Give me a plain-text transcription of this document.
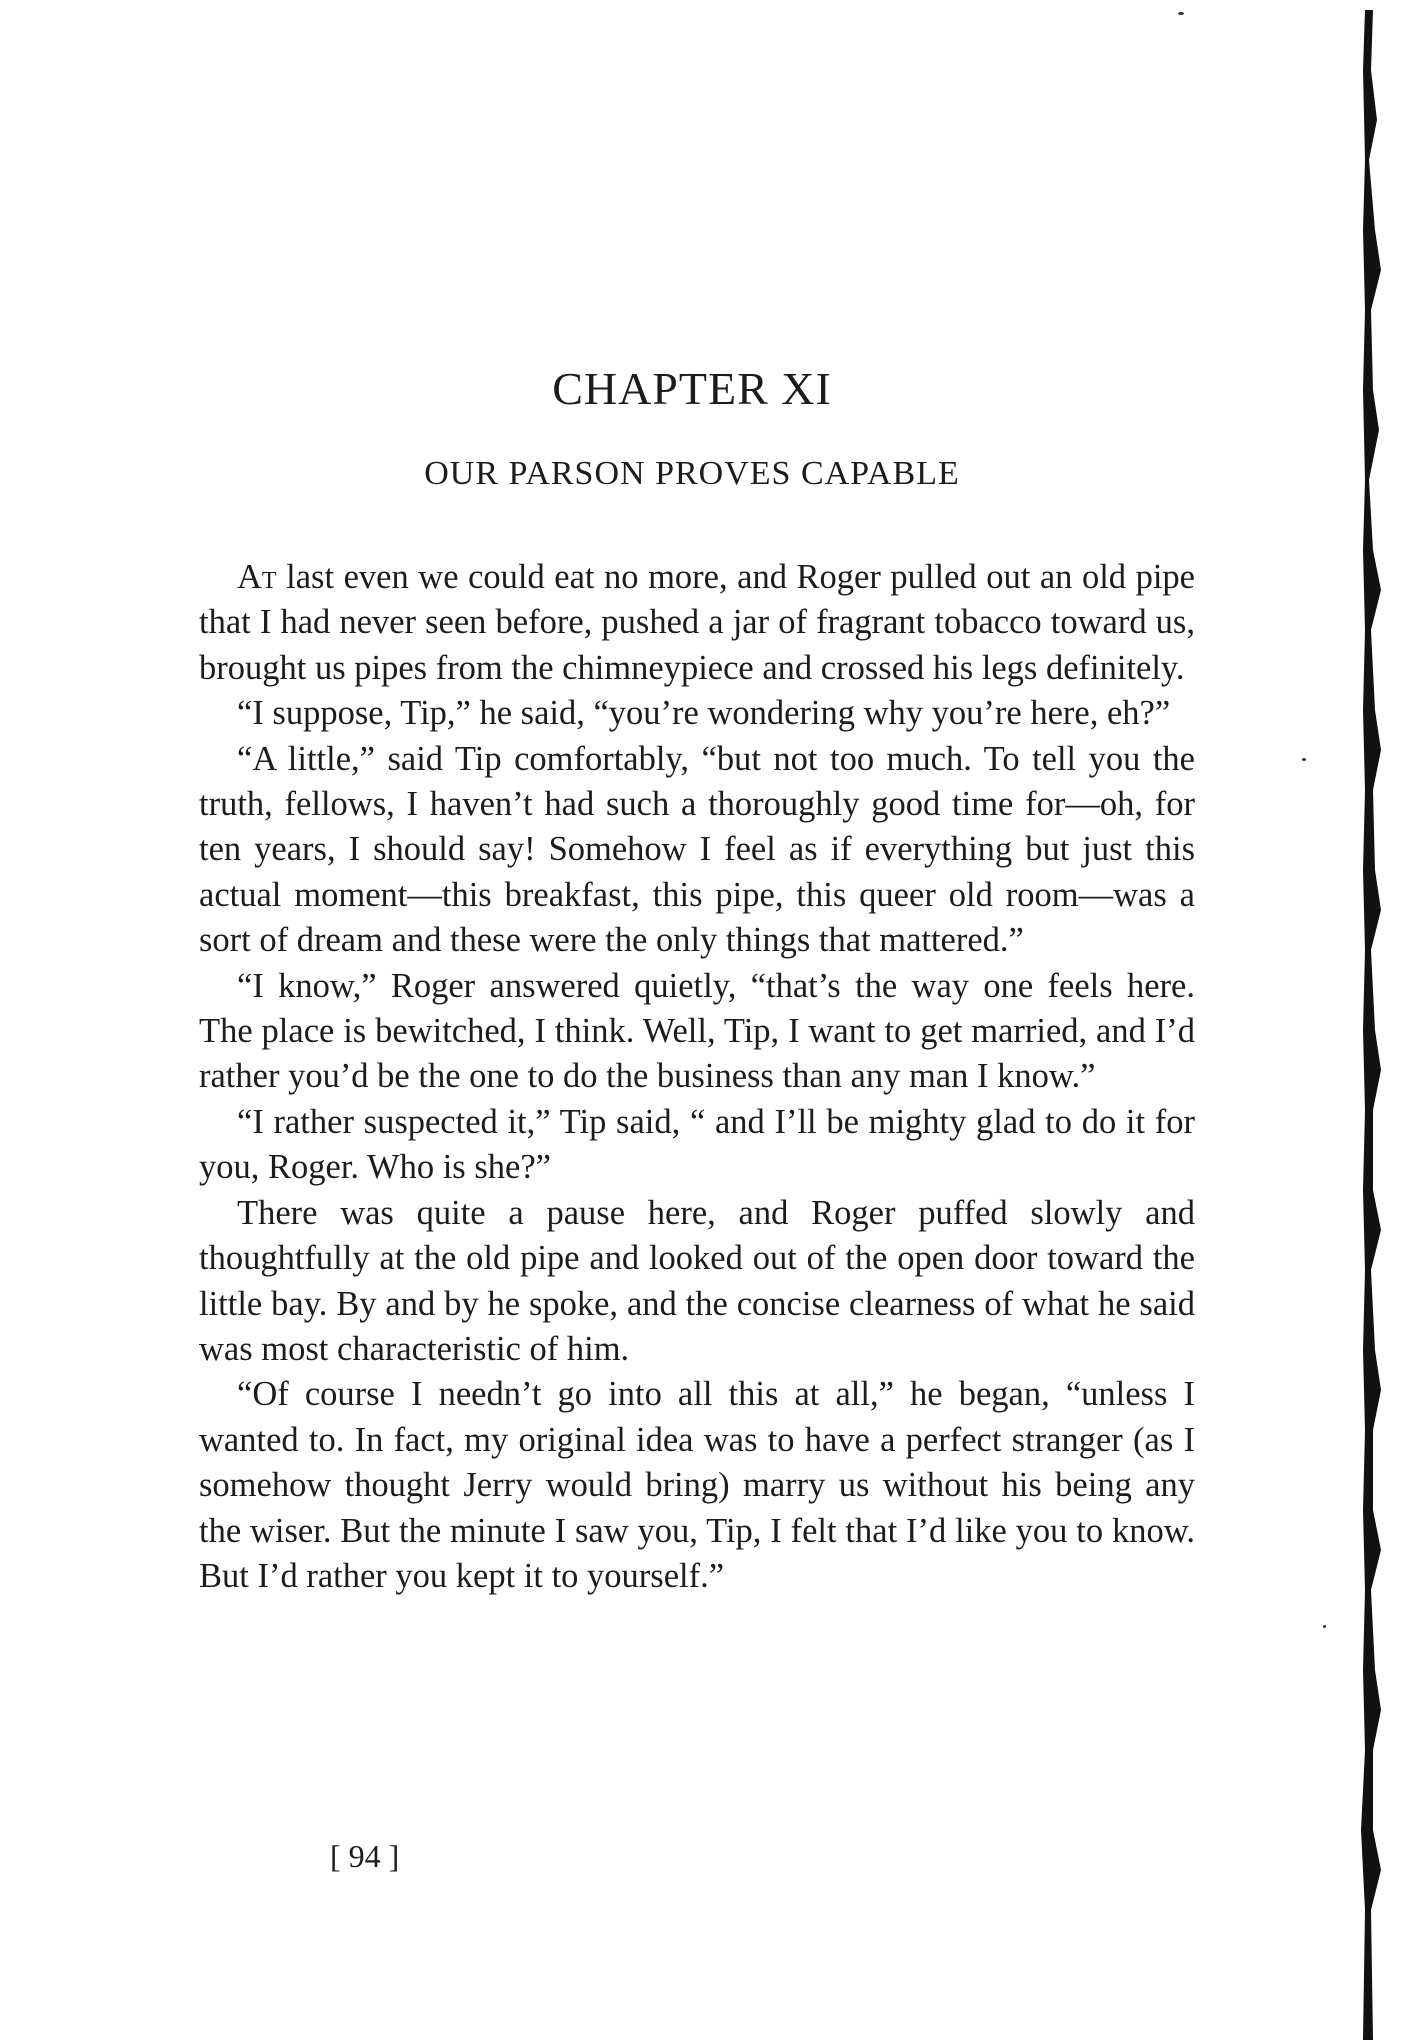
CHAPTER XI
OUR PARSON PROVES CAPABLE

At last even we could eat no more, and Roger pulled out an old pipe that I had never seen before, pushed a jar of fragrant tobacco toward us, brought us pipes from the chimneypiece and crossed his legs definitely.

“I suppose, Tip,” he said, “you’re wondering why you’re here, eh?”

“A little,” said Tip comfortably, “but not too much. To tell you the truth, fellows, I haven’t had such a thoroughly good time for—oh, for ten years, I should say! Somehow I feel as if everything but just this actual moment—this breakfast, this pipe, this queer old room—was a sort of dream and these were the only things that mattered.”

“I know,” Roger answered quietly, “that’s the way one feels here. The place is bewitched, I think. Well, Tip, I want to get married, and I’d rather you’d be the one to do the business than any man I know.”

“I rather suspected it,” Tip said, “ and I’ll be mighty glad to do it for you, Roger. Who is she?”

There was quite a pause here, and Roger puffed slowly and thoughtfully at the old pipe and looked out of the open door toward the little bay. By and by he spoke, and the concise clearness of what he said was most characteristic of him.

“Of course I needn’t go into all this at all,” he began, “unless I wanted to. In fact, my original idea was to have a perfect stranger (as I somehow thought Jerry would bring) marry us without his being any the wiser. But the minute I saw you, Tip, I felt that I’d like you to know. But I’d rather you kept it to yourself.”

[ 94 ]
